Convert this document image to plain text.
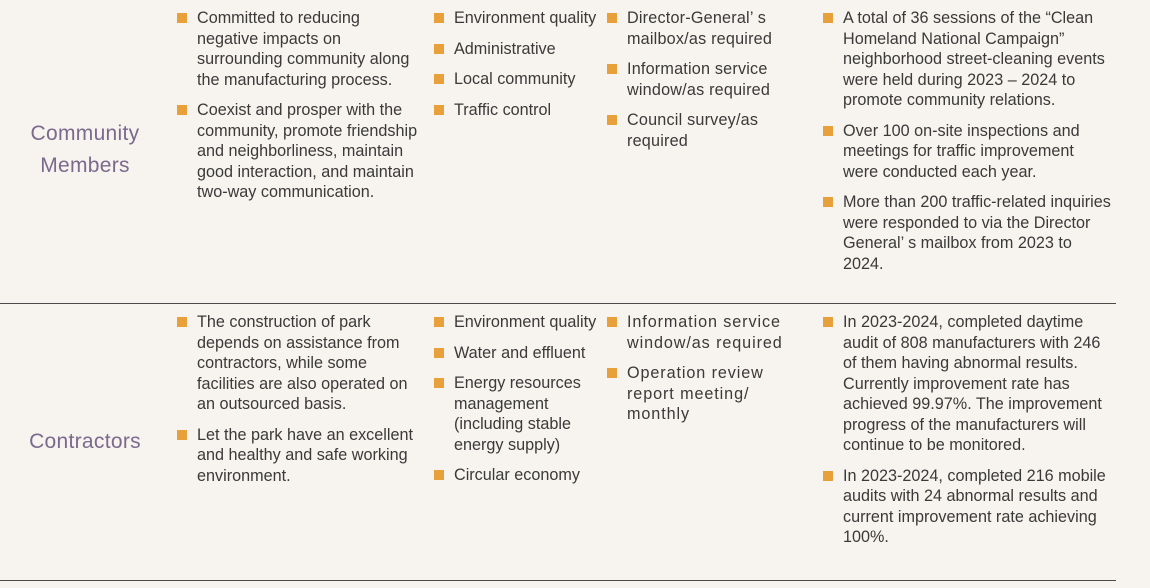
Community
Members
Committed to reducing negative impacts on surrounding community along the manufacturing process.
Coexist and prosper with the community, promote friendship and neighborliness, maintain good interaction, and maintain two-way communication.
Environment quality
Administrative
Local community
Traffic control
Director-General’ s mailbox/as required
Information service window/as required
Council survey/as required
A total of 36 sessions of the “Clean Homeland National Campaign” neighborhood street-cleaning events were held during 2023 – 2024 to promote community relations.
Over 100 on-site inspections and meetings for traffic improvement were conducted each year.
More than 200 traffic-related inquiries were responded to via the Director General’ s mailbox from 2023 to 2024.
Contractors
The construction of park depends on assistance from contractors, while some facilities are also operated on an outsourced basis.
Let the park have an excellent and healthy and safe working environment.
Environment quality
Water and effluent
Energy resources management (including stable energy supply)
Circular economy
Information service window/as required
Operation review report meeting/ monthly
In 2023-2024, completed daytime audit of 808 manufacturers with 246 of them having abnormal results. Currently improvement rate has achieved 99.97%. The improvement progress of the manufacturers will continue to be monitored.
In 2023-2024, completed 216 mobile audits with 24 abnormal results and current improvement rate achieving 100%.
